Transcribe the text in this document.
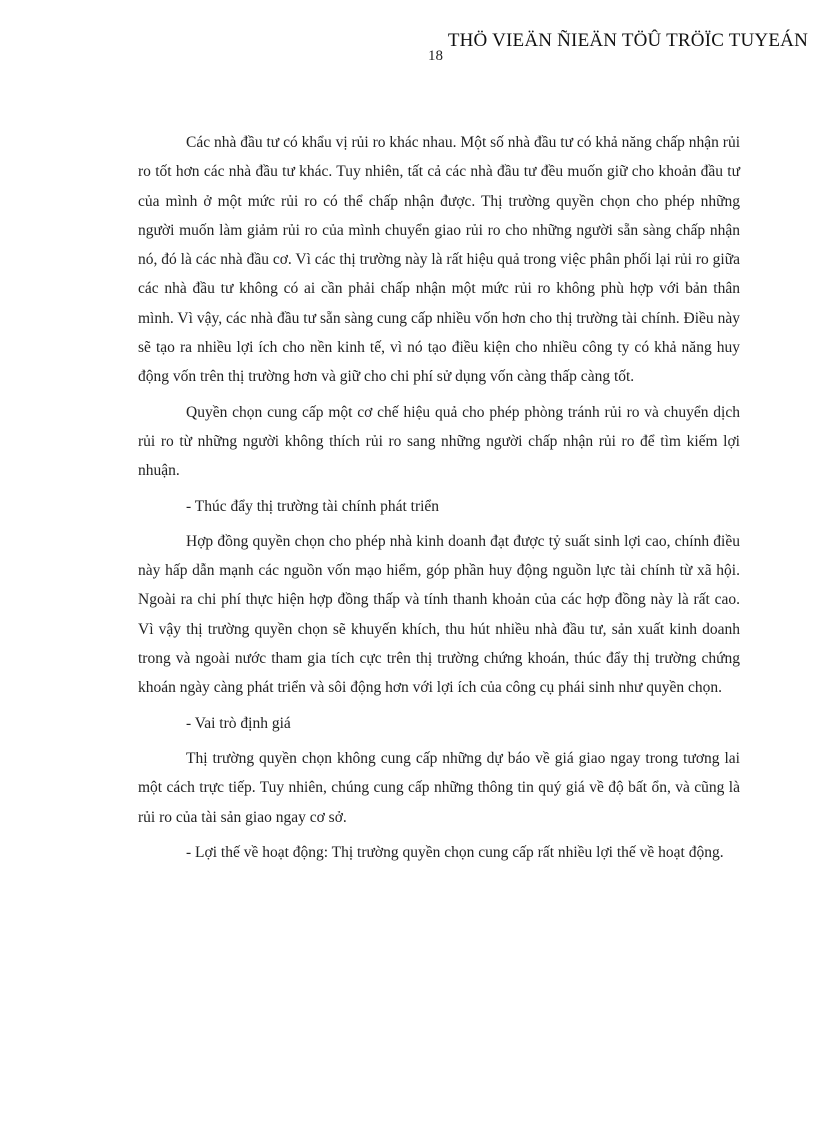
THÖ VIEÄN ÑIEÄN TÖÛ TRÖÏC TUYEÁN
18

Các nhà đầu tư có khẩu vị rủi ro khác nhau. Một số nhà đầu tư có khả năng chấp nhận rủi ro tốt hơn các nhà đầu tư khác. Tuy nhiên, tất cả các nhà đầu tư đều muốn giữ cho khoản đầu tư của mình ở một mức rủi ro có thể chấp nhận được. Thị trường quyền chọn cho phép những người muốn làm giảm rủi ro của mình chuyển giao rủi ro cho những người sẵn sàng chấp nhận nó, đó là các nhà đầu cơ. Vì các thị trường này là rất hiệu quả trong việc phân phối lại rủi ro giữa các nhà đầu tư không có ai cần phải chấp nhận một mức rủi ro không phù hợp với bản thân mình. Vì vậy, các nhà đầu tư sẵn sàng cung cấp nhiều vốn hơn cho thị trường tài chính. Điều này sẽ tạo ra nhiều lợi ích cho nền kinh tế, vì nó tạo điều kiện cho nhiều công ty có khả năng huy động vốn trên thị trường hơn và giữ cho chi phí sử dụng vốn càng thấp càng tốt.

Quyền chọn cung cấp một cơ chế hiệu quả cho phép phòng tránh rủi ro và chuyển dịch rủi ro từ những người không thích rủi ro sang những người chấp nhận rủi ro để tìm kiếm lợi nhuận.

- Thúc đẩy thị trường tài chính phát triển

Hợp đồng quyền chọn cho phép nhà kinh doanh đạt được tỷ suất sinh lợi cao, chính điều này hấp dẫn mạnh các nguồn vốn mạo hiểm, góp phần huy động nguồn lực tài chính từ xã hội. Ngoài ra chi phí thực hiện hợp đồng thấp và tính thanh khoản của các hợp đồng này là rất cao. Vì vậy thị trường quyền chọn sẽ khuyến khích, thu hút nhiều nhà đầu tư, sản xuất kinh doanh trong và ngoài nước tham gia tích cực trên thị trường chứng khoán, thúc đẩy thị trường chứng khoán ngày càng phát triển và sôi động hơn với lợi ích của công cụ phái sinh như quyền chọn.

- Vai trò định giá

Thị trường quyền chọn không cung cấp những dự báo về giá giao ngay trong tương lai một cách trực tiếp. Tuy nhiên, chúng cung cấp những thông tin quý giá về độ bất ổn, và cũng là rủi ro của tài sản giao ngay cơ sở.

- Lợi thế về hoạt động: Thị trường quyền chọn cung cấp rất nhiều lợi thế về hoạt động.
